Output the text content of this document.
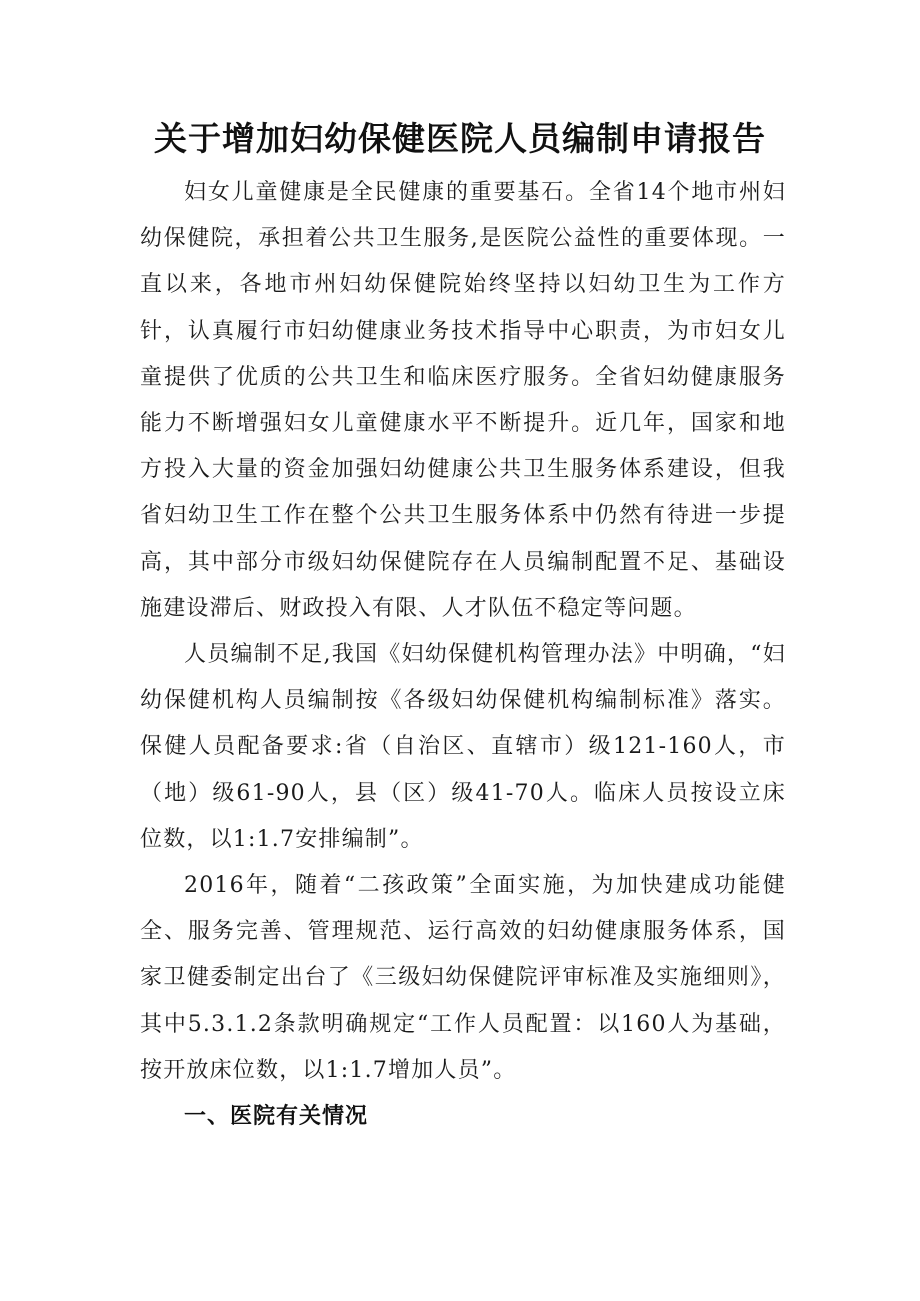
关于增加妇幼保健医院人员编制申请报告

妇女儿童健康是全民健康的重要基石。全省14个地市州妇幼保健院，承担着公共卫生服务,是医院公益性的重要体现。一直以来，各地市州妇幼保健院始终坚持以妇幼卫生为工作方针，认真履行市妇幼健康业务技术指导中心职责，为市妇女儿童提供了优质的公共卫生和临床医疗服务。全省妇幼健康服务能力不断增强妇女儿童健康水平不断提升。近几年，国家和地方投入大量的资金加强妇幼健康公共卫生服务体系建设，但我省妇幼卫生工作在整个公共卫生服务体系中仍然有待进一步提高，其中部分市级妇幼保健院存在人员编制配置不足、基础设施建设滞后、财政投入有限、人才队伍不稳定等问题。

人员编制不足,我国《妇幼保健机构管理办法》中明确，“妇幼保健机构人员编制按《各级妇幼保健机构编制标准》落实。保健人员配备要求:省（自治区、直辖市）级121-160人，市（地）级61-90人，县（区）级41-70人。临床人员按设立床位数，以1:1.7安排编制”。

2016年，随着“二孩政策”全面实施，为加快建成功能健全、服务完善、管理规范、运行高效的妇幼健康服务体系，国家卫健委制定出台了《三级妇幼保健院评审标准及实施细则》，其中5.3.1.2条款明确规定“工作人员配置：以160人为基础，按开放床位数，以1:1.7增加人员”。

一、医院有关情况
